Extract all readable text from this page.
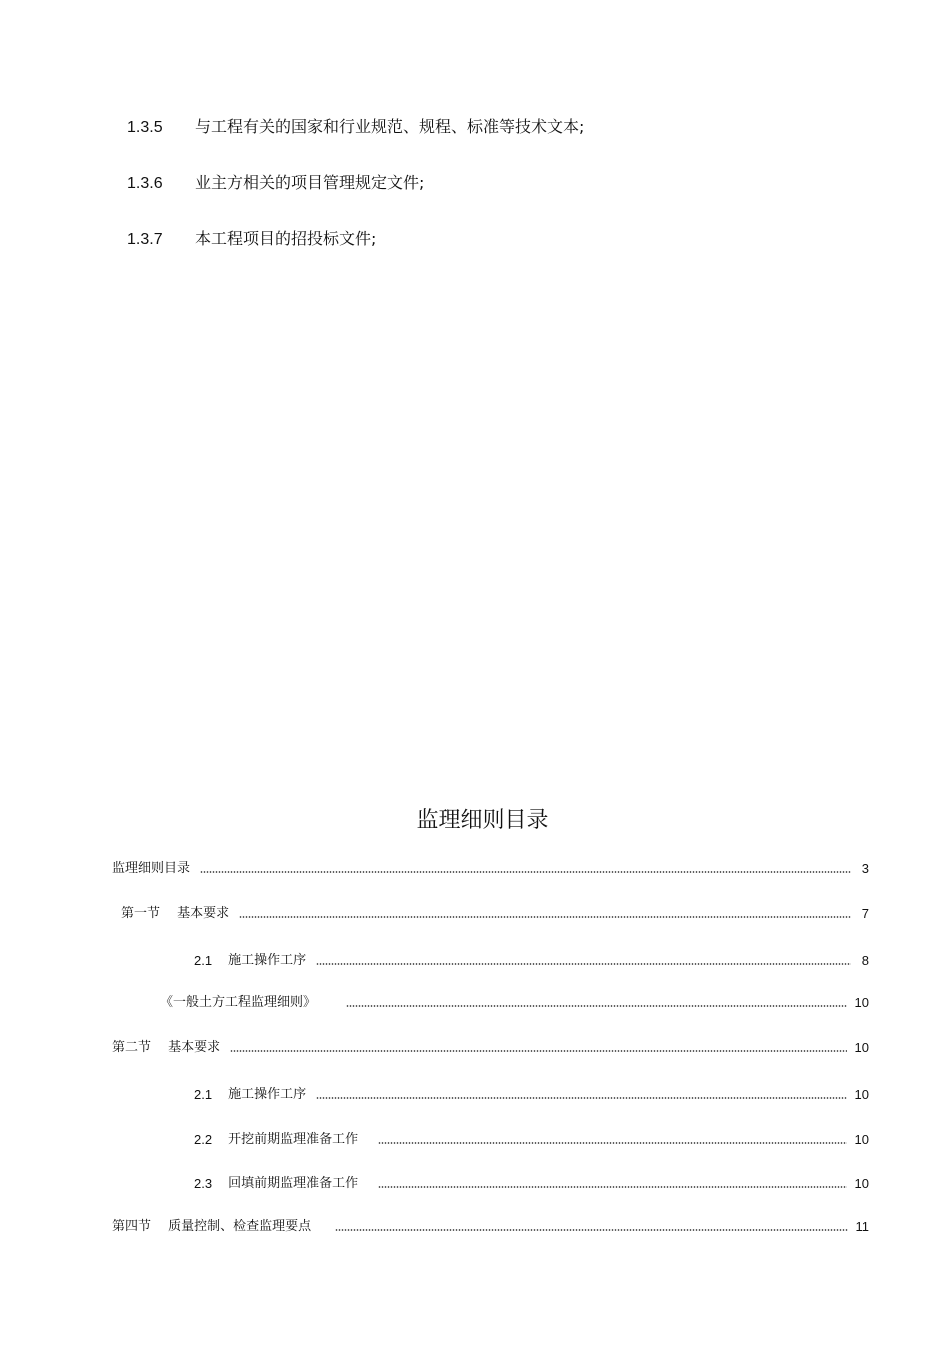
1.3.5 与工程有关的国家和行业规范、规程、标准等技术文本;
1.3.6 业主方相关的项目管理规定文件;
1.3.7 本工程项目的招投标文件;
监理细则目录
监理细则目录	3
第一节　 基本要求	7
2.1 施工操作工序	8
《一般土方工程监理细则》	10
第二节　 基本要求	10
2.1 施工操作工序	10
2.2 开挖前期监理准备工作	10
2.3 回填前期监理准备工作	10
第四节　 质量控制、检查监理要点	11
